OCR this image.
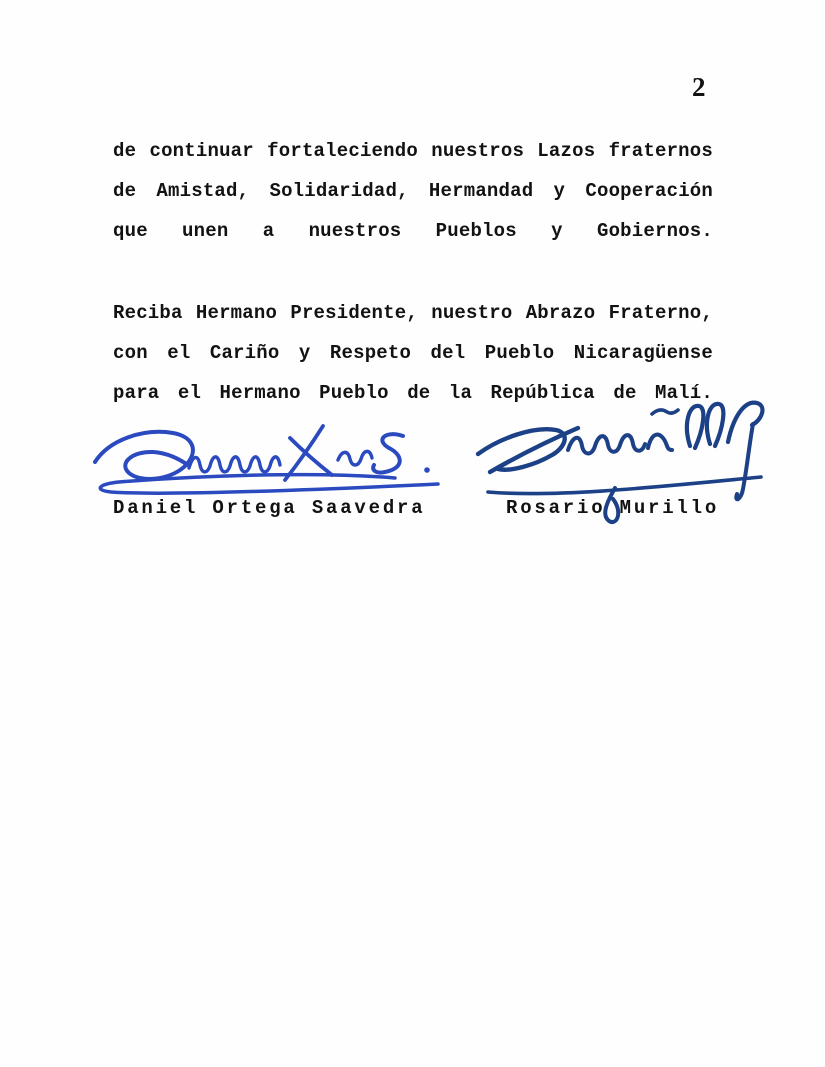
2
de continuar fortaleciendo nuestros Lazos fraternos
de Amistad, Solidaridad, Hermandad y Cooperación
que unen a nuestros Pueblos y Gobiernos.
Reciba Hermano Presidente, nuestro Abrazo Fraterno,
con el Cariño y Respeto del Pueblo Nicaragüense
para el Hermano Pueblo de la República de Malí.
Daniel Ortega Saavedra	Rosario Murillo
